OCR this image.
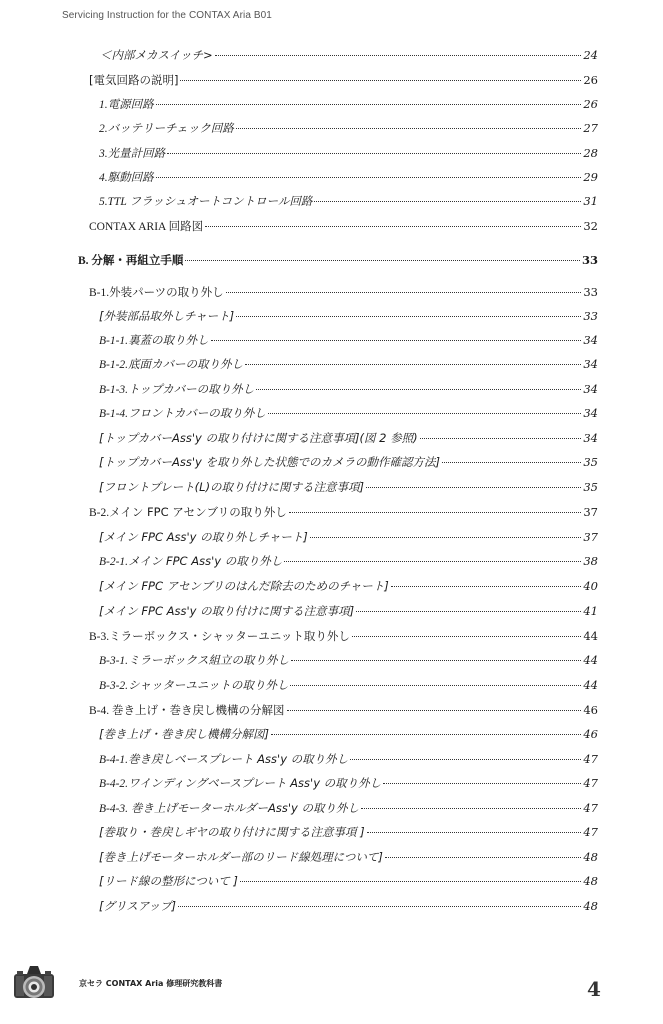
Servicing Instruction for the CONTAX Aria B01
＜内部メカスイッチ>	24
[電気回路の説明]	26
1.電源回路	26
2.バッテリーチェック回路	27
3.光量計回路	28
4.駆動回路	29
5.TTL フラッシュオートコントロール回路	31
CONTAX ARIA 回路図	32
B. 分解・再組立手順	33
B-1.外装パーツの取り外し	33
[外装部品取外しチャート]	33
B-1-1.裏蓋の取り外し	34
B-1-2.底面カバーの取り外し	34
B-1-3.トップカバーの取り外し	34
B-1-4.フロントカバーの取り外し	34
[トップカバーAss'y の取り付けに関する注意事項](図 2 参照)	34
[トップカバーAss'y を取り外した状態でのカメラの動作確認方法]	35
[フロントプレート(L)の取り付けに関する注意事項]	35
B-2.メイン FPC アセンブリの取り外し	37
[メイン FPC Ass'y の取り外しチャート]	37
B-2-1.メイン FPC Ass'y の取り外し	38
[メイン FPC アセンブリのはんだ除去のためのチャート]	40
[メイン FPC Ass'y の取り付けに関する注意事項]	41
B-3.ミラーボックス・シャッターユニット取り外し	44
B-3-1.ミラーボックス組立の取り外し	44
B-3-2.シャッターユニットの取り外し	44
B-4. 巻き上げ・巻き戻し機構の分解図	46
[巻き上げ・巻き戻し機構分解図]	46
B-4-1.巻き戻しベースプレート Ass'y の取り外し	47
B-4-2.ワインディングベースプレート Ass'y の取り外し	47
B-4-3. 巻き上げモーターホルダーAss'y の取り外し	47
[巻取り・巻戻しギヤの取り付けに関する注意事項 ]	47
[巻き上げモーターホルダー部のリード線処理について]	48
[リード線の整形について ]	48
[グリスアップ]	48
京セラ CONTAX Aria 修理研究教科書	4
